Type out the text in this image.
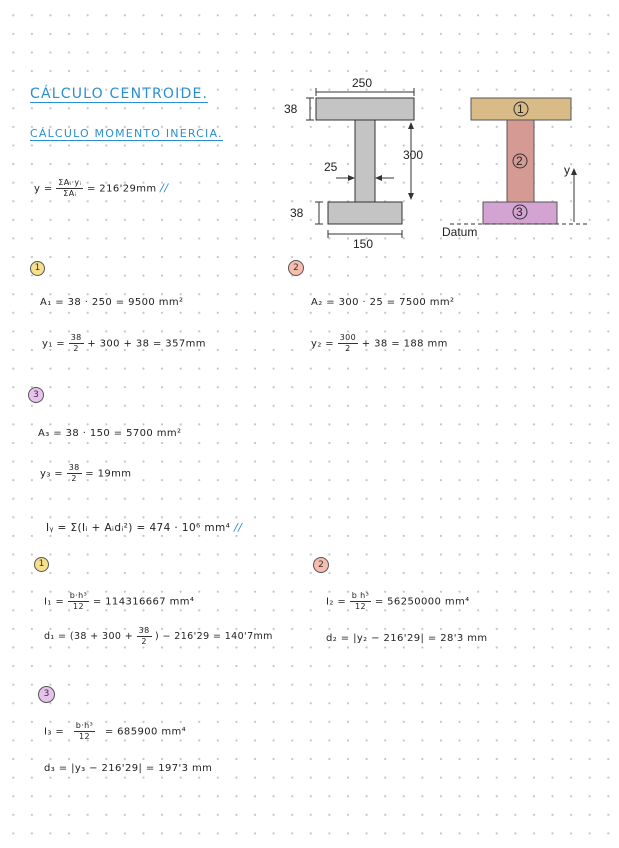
CÁLCULO CENTROIDE.
CÁLCULO MOMENTO INERCIA.
$y = \frac{\text{ΣAᵢ·yᵢ}}{\text{ΣAᵢ}} = 216'29mm$ //
250
38
300
25
38
150
1
2
3
y
Datum
1
A₁ = 38 · 250 = 9500 mm²
$y_1 = \frac{38}{2} + 300 + 38 = 357mm$
2
A₂ = 300 · 25 = 7500 mm²
$y_2 = \frac{300}{2} + 38 = 188$ mm
3
A₃ = 38 · 150 = 5700 mm²
$y_3 = \frac{38}{2} = 19mm$
Iᵧ = Σ(Iᵢ + Aᵢdᵢ²) = 474 · 10⁶ mm⁴ //
1
$I_1 = \frac{\text{b·h³}}{12} = 114316667$ mm⁴
$d_1 = (38 + 300 + \frac{38}{2}$ ) − 216'29 = 140'7mm
2
$I_2 = \frac{\text{b h³}}{12} = 56250000$ mm⁴
d₂ = |y₂ − 216'29| = 28'3 mm
3
$I_3 = \frac{\text{b·h³}}{12} = 685900$ mm⁴
d₃ = |y₃ − 216'29| = 197'3 mm
